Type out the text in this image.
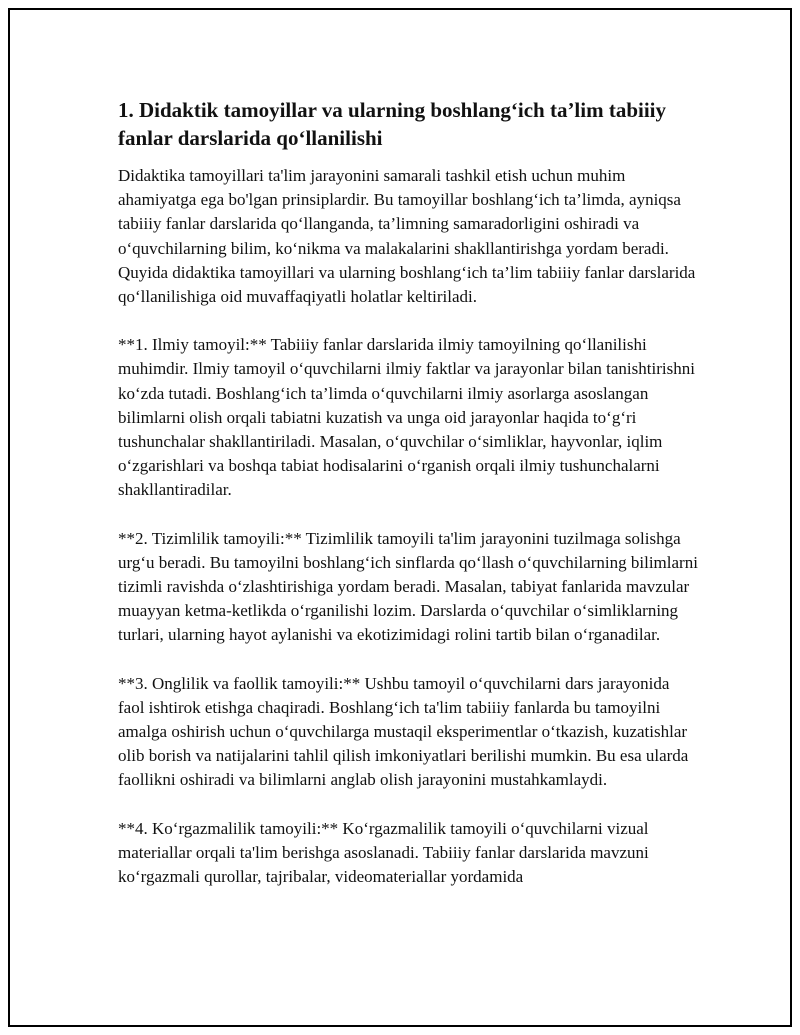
1. Didaktik tamoyillar va ularning boshlang‘ich ta’lim tabiiiy fanlar darslarida qo‘llanilishi

Didaktika tamoyillari ta'lim jarayonini samarali tashkil etish uchun muhim ahamiyatga ega bo'lgan prinsiplardir. Bu tamoyillar boshlang‘ich ta’limda, ayniqsa tabiiiy fanlar darslarida qo‘llanganda, ta’limning samaradorligini oshiradi va o‘quvchilarning bilim, ko‘nikma va malakalarini shakllantirishga yordam beradi. Quyida didaktika tamoyillari va ularning boshlang‘ich ta’lim tabiiiy fanlar darslarida qo‘llanilishiga oid muvaffaqiyatli holatlar keltiriladi.

**1. Ilmiy tamoyil:** Tabiiiy fanlar darslarida ilmiy tamoyilning qo‘llanilishi muhimdir. Ilmiy tamoyil o‘quvchilarni ilmiy faktlar va jarayonlar bilan tanishtirishni ko‘zda tutadi. Boshlang‘ich ta’limda o‘quvchilarni ilmiy asorlarga asoslangan bilimlarni olish orqali tabiatni kuzatish va unga oid jarayonlar haqida to‘g‘ri tushunchalar shakllantiriladi. Masalan, o‘quvchilar o‘simliklar, hayvonlar, iqlim o‘zgarishlari va boshqa tabiat hodisalarini o‘rganish orqali ilmiy tushunchalarni shakllantiradilar.

**2. Tizimlilik tamoyili:** Tizimlilik tamoyili ta'lim jarayonini tuzilmaga solishga urg‘u beradi. Bu tamoyilni boshlang‘ich sinflarda qo‘llash o‘quvchilarning bilimlarni tizimli ravishda o‘zlashtirishiga yordam beradi. Masalan, tabiyat fanlarida mavzular muayyan ketma-ketlikda o‘rganilishi lozim. Darslarda o‘quvchilar o‘simliklarning turlari, ularning hayot aylanishi va ekotizimidagi rolini tartib bilan o‘rganadilar.

**3. Onglilik va faollik tamoyili:** Ushbu tamoyil o‘quvchilarni dars jarayonida faol ishtirok etishga chaqiradi. Boshlang‘ich ta'lim tabiiiy fanlarda bu tamoyilni amalga oshirish uchun o‘quvchilarga mustaqil eksperimentlar o‘tkazish, kuzatishlar olib borish va natijalarini tahlil qilish imkoniyatlari berilishi mumkin. Bu esa ularda faollikni oshiradi va bilimlarni anglab olish jarayonini mustahkamlaydi.

**4. Ko‘rgazmalilik tamoyili:** Ko‘rgazmalilik tamoyili o‘quvchilarni vizual materiallar orqali ta'lim berishga asoslanadi. Tabiiiy fanlar darslarida mavzuni ko‘rgazmali qurollar, tajribalar, videomateriallar yordamida
